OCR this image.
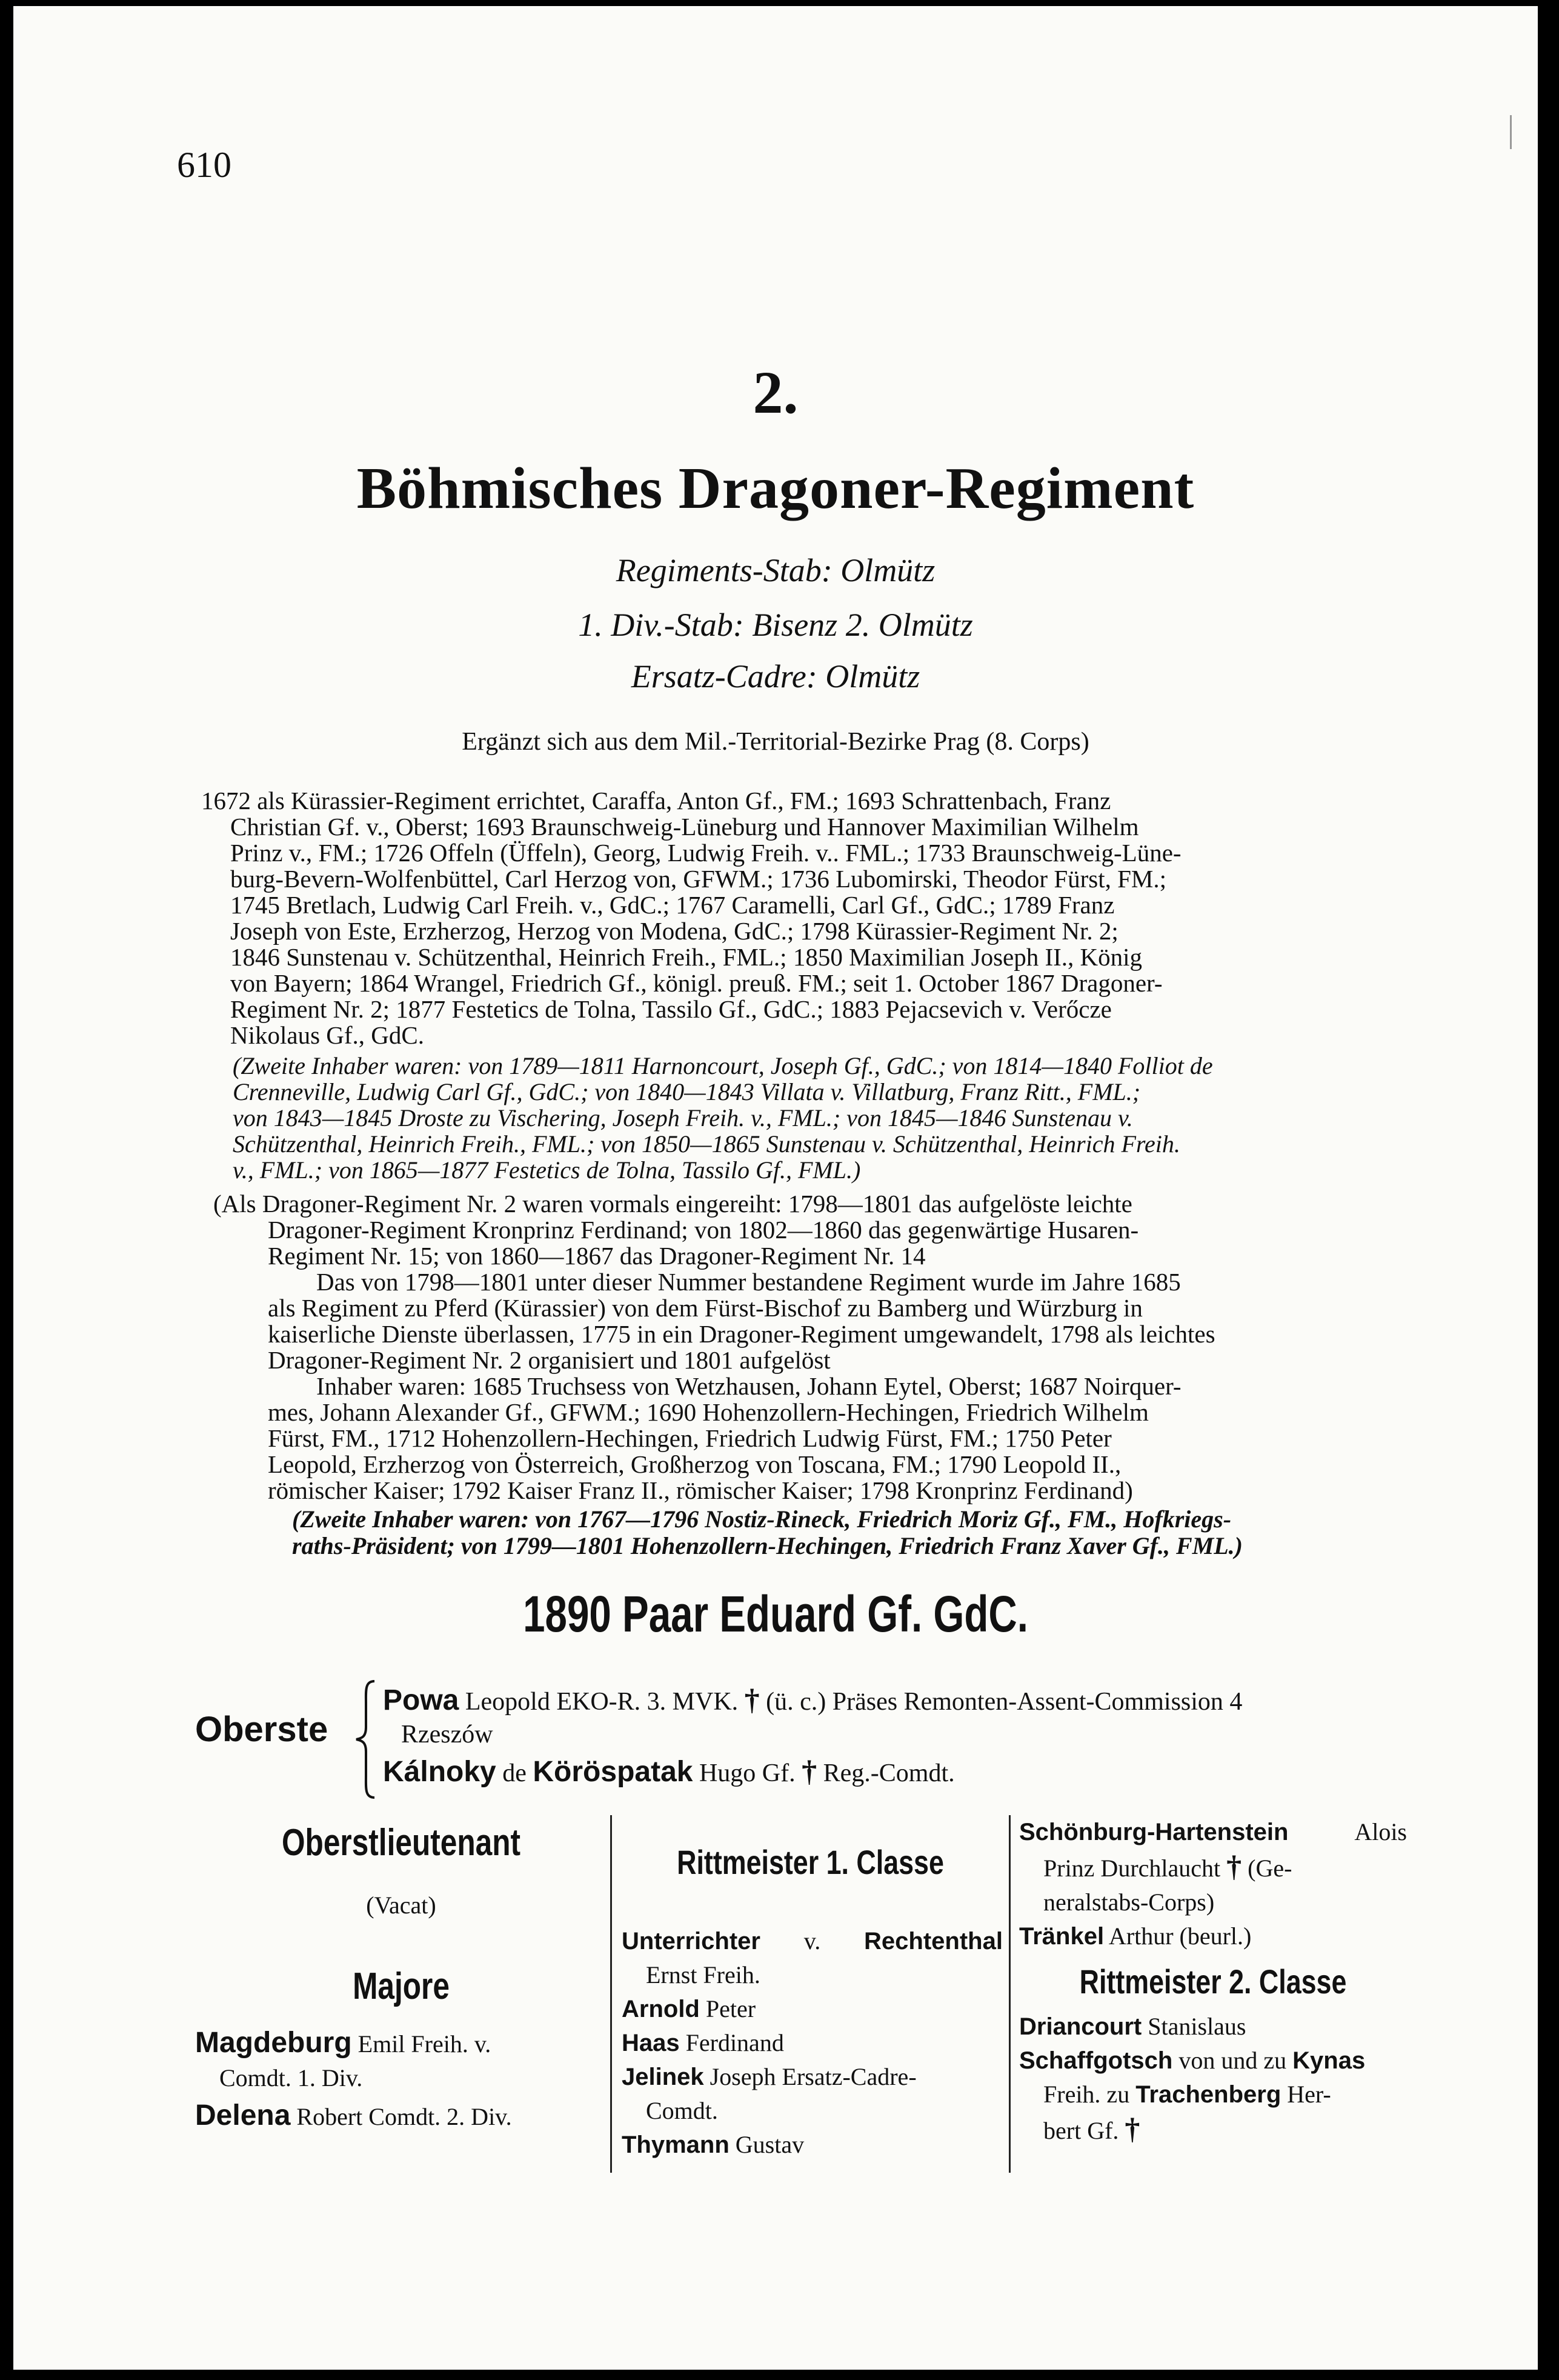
610
2.
Böhmisches Dragoner-Regiment
Regiments-Stab: Olmütz
1. Div.-Stab: Bisenz 2. Olmütz
Ersatz-Cadre: Olmütz
Ergänzt sich aus dem Mil.-Territorial-Bezirke Prag (8. Corps)
1672 als Kürassier-Regiment errichtet, Caraffa, Anton Gf., FM.; 1693 Schrattenbach, Franz
Christian Gf. v., Oberst; 1693 Braunschweig-Lüneburg und Hannover Maximilian Wilhelm
Prinz v., FM.; 1726 Offeln (Üffeln), Georg, Ludwig Freih. v.. FML.; 1733 Braunschweig-Lüne-
burg-Bevern-Wolfenbüttel, Carl Herzog von, GFWM.; 1736 Lubomirski, Theodor Fürst, FM.;
1745 Bretlach, Ludwig Carl Freih. v., GdC.; 1767 Caramelli, Carl Gf., GdC.; 1789 Franz
Joseph von Este, Erzherzog, Herzog von Modena, GdC.; 1798 Kürassier-Regiment Nr. 2;
1846 Sunstenau v. Schützenthal, Heinrich Freih., FML.; 1850 Maximilian Joseph II., König
von Bayern; 1864 Wrangel, Friedrich Gf., königl. preuß. FM.; seit 1. October 1867 Dragoner-
Regiment Nr. 2; 1877 Festetics de Tolna, Tassilo Gf., GdC.; 1883 Pejacsevich v. Verőcze
Nikolaus Gf., GdC.
(Zweite Inhaber waren: von 1789—1811 Harnoncourt, Joseph Gf., GdC.; von 1814—1840 Folliot de
Crenneville, Ludwig Carl Gf., GdC.; von 1840—1843 Villata v. Villatburg, Franz Ritt., FML.;
von 1843—1845 Droste zu Vischering, Joseph Freih. v., FML.; von 1845—1846 Sunstenau v.
Schützenthal, Heinrich Freih., FML.; von 1850—1865 Sunstenau v. Schützenthal, Heinrich Freih.
v., FML.; von 1865—1877 Festetics de Tolna, Tassilo Gf., FML.)
(Als Dragoner-Regiment Nr. 2 waren vormals eingereiht: 1798—1801 das aufgelöste leichte
Dragoner-Regiment Kronprinz Ferdinand; von 1802—1860 das gegenwärtige Husaren-
Regiment Nr. 15; von 1860—1867 das Dragoner-Regiment Nr. 14
Das von 1798—1801 unter dieser Nummer bestandene Regiment wurde im Jahre 1685
als Regiment zu Pferd (Kürassier) von dem Fürst-Bischof zu Bamberg und Würzburg in
kaiserliche Dienste überlassen, 1775 in ein Dragoner-Regiment umgewandelt, 1798 als leichtes
Dragoner-Regiment Nr. 2 organisiert und 1801 aufgelöst
Inhaber waren: 1685 Truchsess von Wetzhausen, Johann Eytel, Oberst; 1687 Noirquer-
mes, Johann Alexander Gf., GFWM.; 1690 Hohenzollern-Hechingen, Friedrich Wilhelm
Fürst, FM., 1712 Hohenzollern-Hechingen, Friedrich Ludwig Fürst, FM.; 1750 Peter
Leopold, Erzherzog von Österreich, Großherzog von Toscana, FM.; 1790 Leopold II.,
römischer Kaiser; 1792 Kaiser Franz II., römischer Kaiser; 1798 Kronprinz Ferdinand)
(Zweite Inhaber waren: von 1767—1796 Nostiz-Rineck, Friedrich Moriz Gf., FM., Hofkriegs-
raths-Präsident; von 1799—1801 Hohenzollern-Hechingen, Friedrich Franz Xaver Gf., FML.)
1890 Paar Eduard Gf. GdC.
Oberste
Powa Leopold EKO-R. 3. MVK. † (ü. c.) Präses Remonten-Assent-Commission 4
Rzeszów
Kálnoky de Köröspatak Hugo Gf. † Reg.-Comdt.
Oberstlieutenant
(Vacat)
Majore
Magdeburg Emil Freih. v.
Comdt. 1. Div.
Delena Robert Comdt. 2. Div.
Rittmeister 1. Classe
Unterrichter v. Rechtenthal
Ernst Freih.
Arnold Peter
Haas Ferdinand
Jelinek Joseph Ersatz-Cadre-
Comdt.
Thymann Gustav
Schönburg-Hartenstein	Alois
Prinz Durchlaucht † (Ge-
neralstabs-Corps)
Tränkel Arthur (beurl.)
Rittmeister 2. Classe
Driancourt Stanislaus
Schaffgotsch von und zu Kynas
Freih. zu Trachenberg Her-
bert Gf. †
